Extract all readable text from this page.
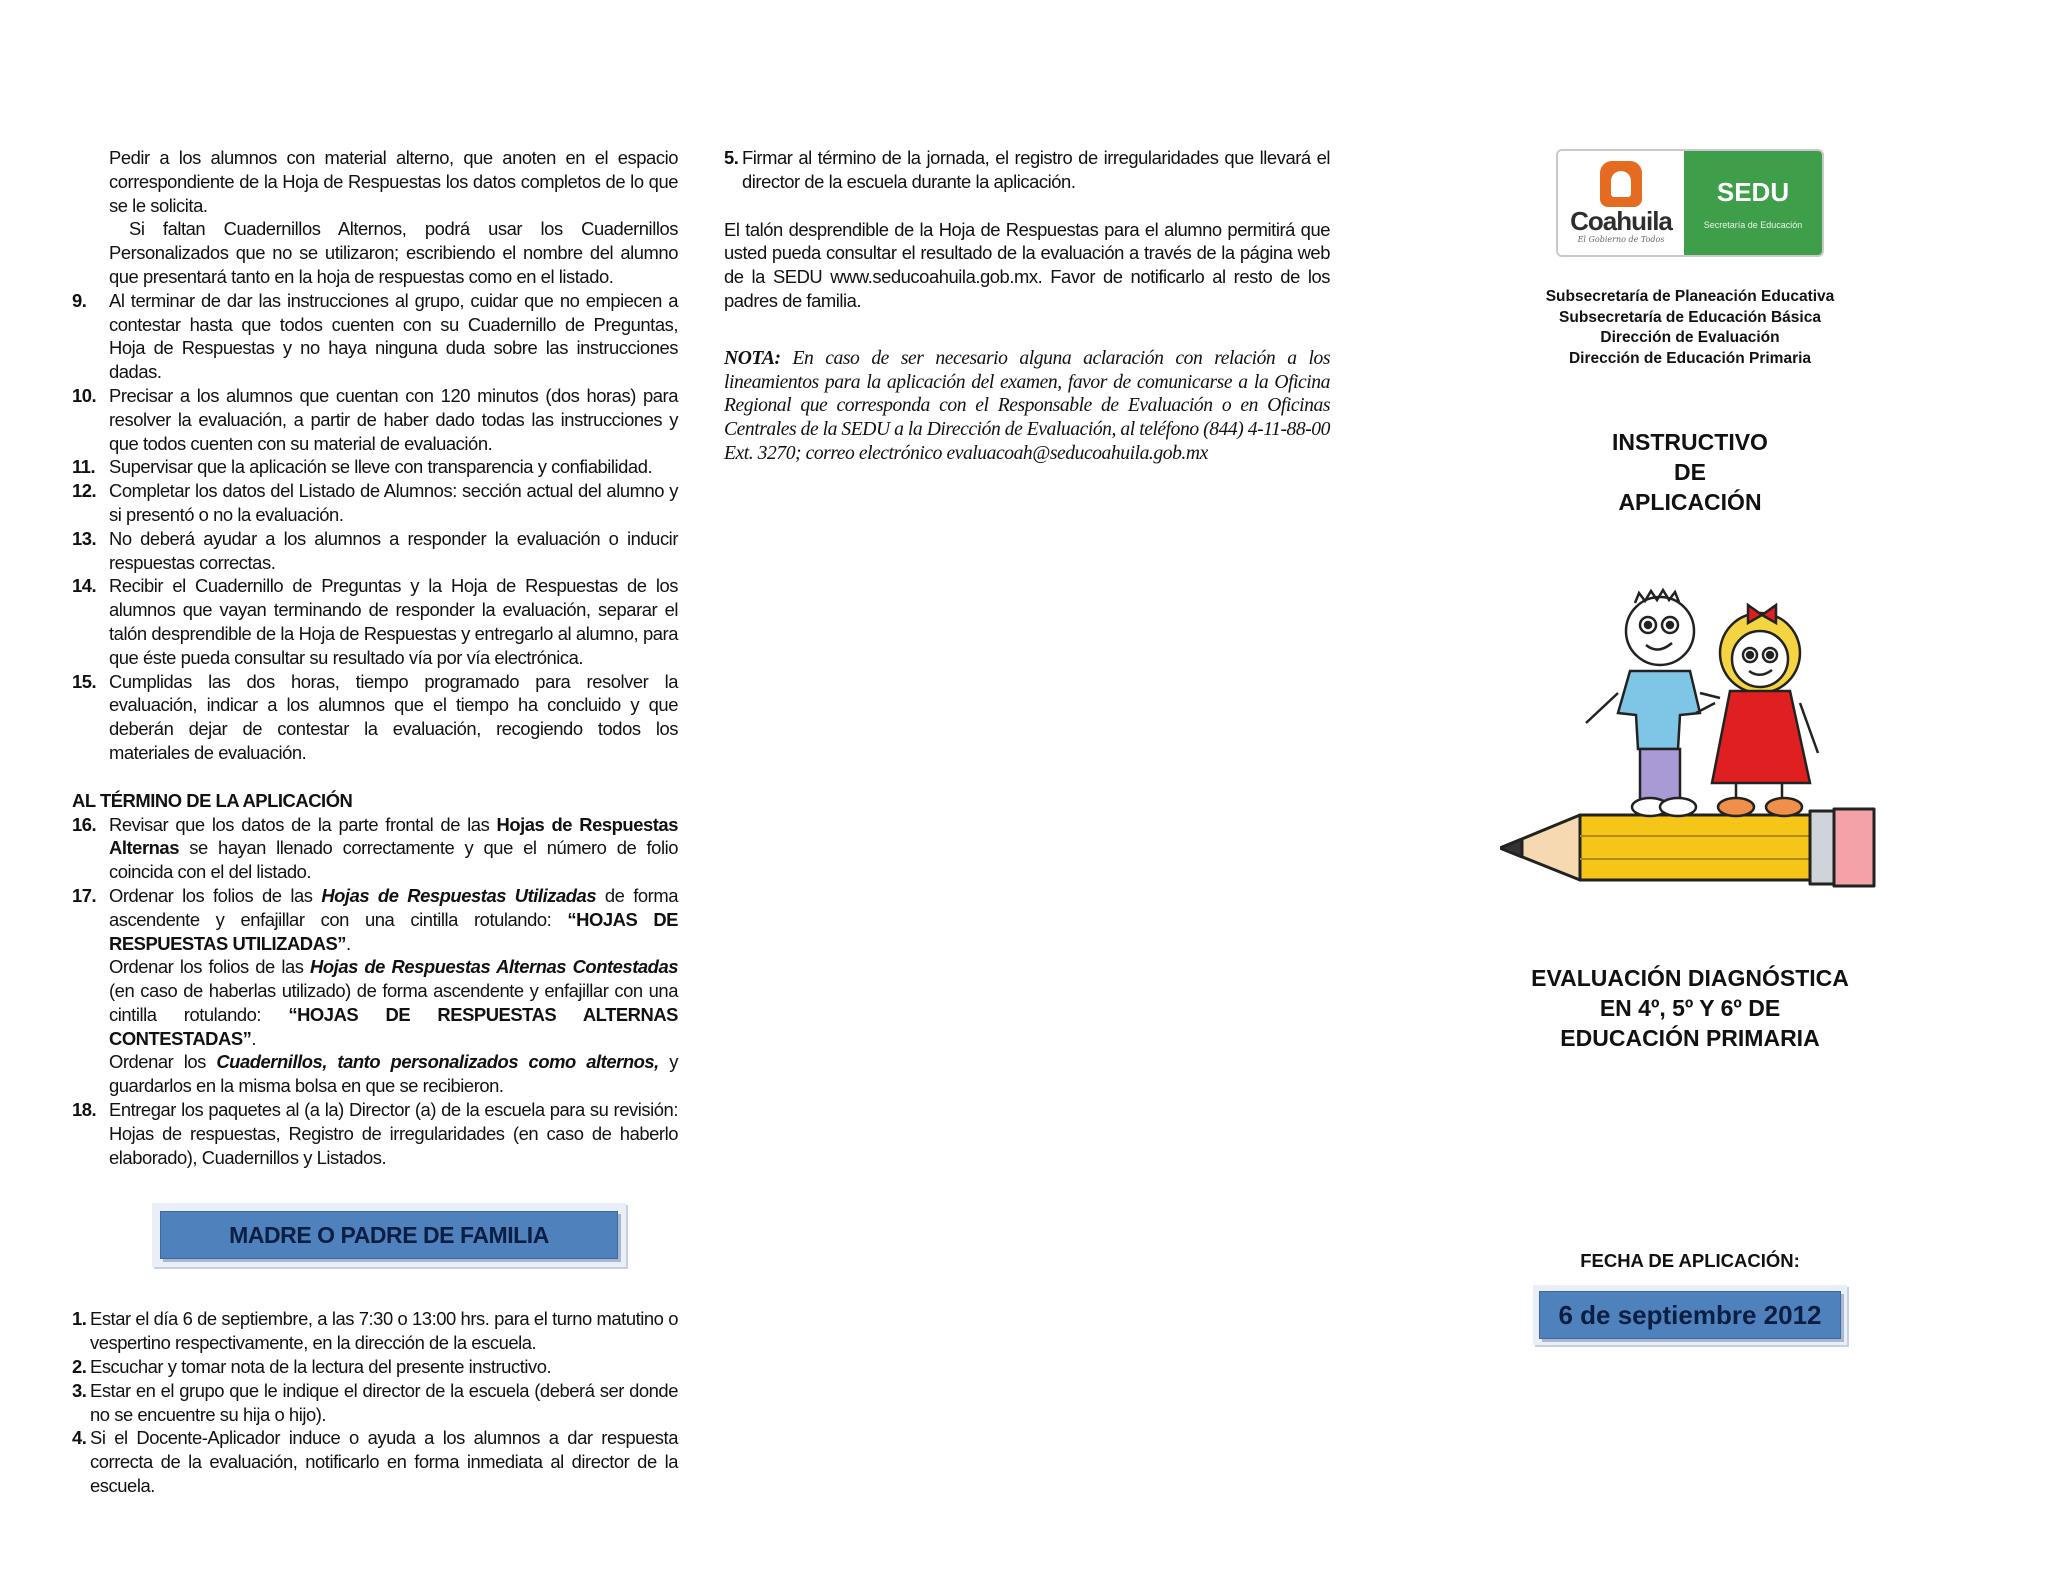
Pedir a los alumnos con material alterno, que anoten en el espacio correspondiente de la Hoja de Respuestas los datos completos de lo que se le solicita.
Si faltan Cuadernillos Alternos, podrá usar los Cuadernillos Personalizados que no se utilizaron; escribiendo el nombre del alumno que presentará tanto en la hoja de respuestas como en el listado.
9.	Al terminar de dar las instrucciones al grupo, cuidar que no empiecen a contestar hasta que todos cuenten con su Cuadernillo de Preguntas, Hoja de Respuestas y no haya ninguna duda sobre las instrucciones dadas.
10. Precisar a los alumnos que cuentan con 120 minutos (dos horas) para resolver la evaluación, a partir de haber dado todas las instrucciones y que todos cuenten con su material de evaluación.
11. Supervisar que la aplicación se lleve con transparencia y confiabilidad.
12. Completar los datos del Listado de Alumnos: sección actual del alumno y si presentó o no la evaluación.
13. No deberá ayudar a los alumnos a responder la evaluación o inducir respuestas correctas.
14. Recibir el Cuadernillo de Preguntas y la Hoja de Respuestas de los alumnos que vayan terminando de responder la evaluación, separar el talón desprendible de la Hoja de Respuestas y entregarlo al alumno, para que éste pueda consultar su resultado vía por vía electrónica.
15. Cumplidas las dos horas, tiempo programado para resolver la evaluación, indicar a los alumnos que el tiempo ha concluido y que deberán dejar de contestar la evaluación, recogiendo todos los materiales de evaluación.
AL TÉRMINO DE LA APLICACIÓN
16. Revisar que los datos de la parte frontal de las Hojas de Respuestas Alternas se hayan llenado correctamente y que el número de folio coincida con el del listado.
17. Ordenar los folios de las Hojas de Respuestas Utilizadas de forma ascendente y enfajillar con una cintilla rotulando: “HOJAS DE RESPUESTAS UTILIZADAS”.
Ordenar los folios de las Hojas de Respuestas Alternas Contestadas (en caso de haberlas utilizado) de forma ascendente y enfajillar con una cintilla rotulando: “HOJAS DE RESPUESTAS ALTERNAS CONTESTADAS”.
Ordenar los Cuadernillos, tanto personalizados como alternos, y guardarlos en la misma bolsa en que se recibieron.
18. Entregar los paquetes al (a la) Director (a) de la escuela para su revisión: Hojas de respuestas, Registro de irregularidades (en caso de haberlo elaborado), Cuadernillos y Listados.
MADRE O PADRE DE FAMILIA
1. Estar el día 6 de septiembre, a las 7:30 o 13:00 hrs. para el turno matutino o vespertino respectivamente, en la dirección de la escuela.
2. Escuchar y tomar nota de la lectura del presente instructivo.
3. Estar en el grupo que le indique el director de la escuela (deberá ser donde no se encuentre su hija o hijo).
4. Si el Docente-Aplicador induce o ayuda a los alumnos a dar respuesta correcta de la evaluación, notificarlo en forma inmediata al director de la escuela.
5. Firmar al término de la jornada, el registro de irregularidades que llevará el director de la escuela durante la aplicación.
El talón desprendible de la Hoja de Respuestas para el alumno permitirá que usted pueda consultar el resultado de la evaluación a través de la página web de la SEDU www.seducoahuila.gob.mx. Favor de notificarlo al resto de los padres de familia.
NOTA: En caso de ser necesario alguna aclaración con relación a los lineamientos para la aplicación del examen, favor de comunicarse a la Oficina Regional que corresponda con el Responsable de Evaluación o en Oficinas Centrales de la SEDU a la Dirección de Evaluación, al teléfono (844) 4-11-88-00 Ext. 3270; correo electrónico evaluacoah@seducoahuila.gob.mx
Coahuila
El Gobierno de Todos
SEDU
Secretaría de Educación
Subsecretaría de Planeación Educativa
Subsecretaría de Educación Básica
Dirección de Evaluación
Dirección de Educación Primaria
INSTRUCTIVO
DE
APLICACIÓN
EVALUACIÓN DIAGNÓSTICA
EN 4º, 5º Y 6º DE
EDUCACIÓN PRIMARIA
FECHA DE APLICACIÓN:
6 de septiembre 2012
